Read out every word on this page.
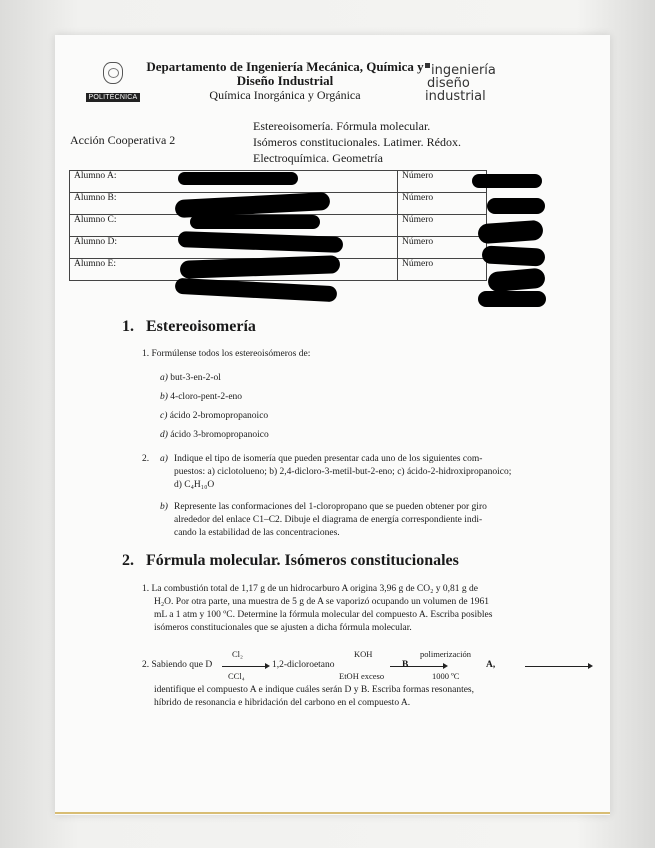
POLITÉCNICA
Departamento de Ingeniería Mecánica, Química y
Diseño Industrial
Química Inorgánica y Orgánica
ingeniería
diseño
industrial
Acción Cooperativa 2
Estereoisomería. Fórmula molecular.
Isómeros constitucionales. Latimer. Rédox.
Electroquímica. Geometría
Alumno A:	Número
Alumno B:	Número
Alumno C:	Número
Alumno D:	Número
Alumno E:	Número
1. Estereoisomería
1. Formúlense todos los estereoisómeros de:
a) but-3-en-2-ol
b) 4-cloro-pent-2-eno
c) ácido 2-bromopropanoico
d) ácido 3-bromopropanoico
2. a) Indique el tipo de isomería que pueden presentar cada uno de los siguientes com-
puestos: a) ciclotolueno; b) 2,4-dicloro-3-metil-but-2-eno; c) ácido-2-hidroxipropanoico;
d) C₄H₁₀O
b) Represente las conformaciones del 1-cloropropano que se pueden obtener por giro
alrededor del enlace C1–C2. Dibuje el diagrama de energía correspondiente indi-
cando la estabilidad de las concentraciones.
2. Fórmula molecular. Isómeros constitucionales
1. La combustión total de 1,17 g de un hidrocarburo A origina 3,96 g de CO₂ y 0,81 g de
H₂O. Por otra parte, una muestra de 5 g de A se vaporizó ocupando un volumen de 1961
mL a 1 atm y 100 ºC. Determine la fórmula molecular del compuesto A. Escriba posibles
isómeros constitucionales que se ajusten a dicha fórmula molecular.
2. Sabiendo que D
Cl₂

CCl₄
1,2-dicloroetano
KOH

EtOH exceso
B
polimerización
1000 ºC
A,
identifique el compuesto A e indique cuáles serán D y B. Escriba formas resonantes,
híbrido de resonancia e hibridación del carbono en el compuesto A.
